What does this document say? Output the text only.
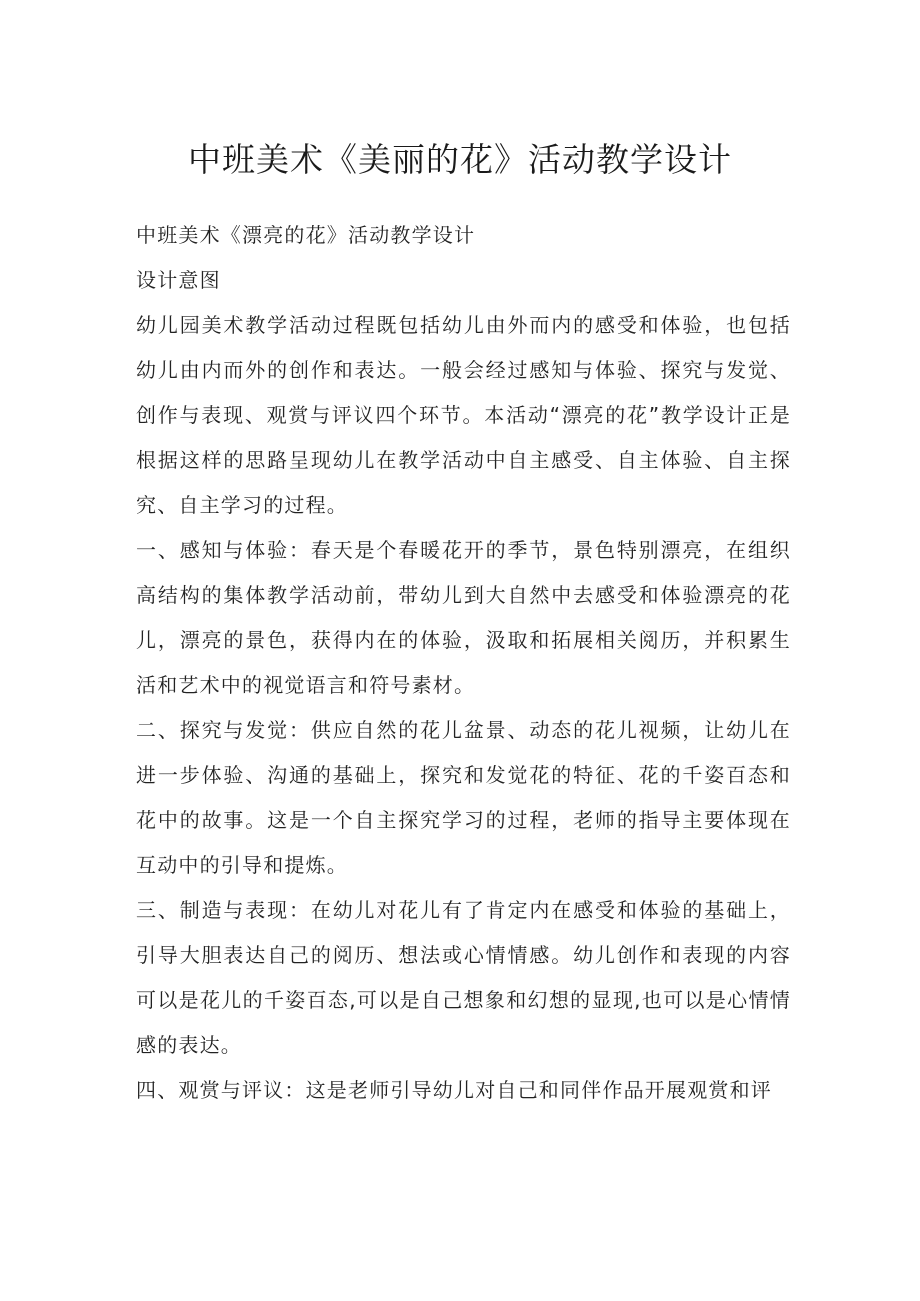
中班美术《美丽的花》活动教学设计

中班美术《漂亮的花》活动教学设计

设计意图

幼儿园美术教学活动过程既包括幼儿由外而内的感受和体验，也包括幼儿由内而外的创作和表达。一般会经过感知与体验、探究与发觉、创作与表现、观赏与评议四个环节。本活动“漂亮的花”教学设计正是根据这样的思路呈现幼儿在教学活动中自主感受、自主体验、自主探究、自主学习的过程。

一、感知与体验：春天是个春暖花开的季节，景色特别漂亮，在组织高结构的集体教学活动前，带幼儿到大自然中去感受和体验漂亮的花儿，漂亮的景色，获得内在的体验，汲取和拓展相关阅历，并积累生活和艺术中的视觉语言和符号素材。

二、探究与发觉：供应自然的花儿盆景、动态的花儿视频，让幼儿在进一步体验、沟通的基础上，探究和发觉花的特征、花的千姿百态和花中的故事。这是一个自主探究学习的过程，老师的指导主要体现在互动中的引导和提炼。

三、制造与表现：在幼儿对花儿有了肯定内在感受和体验的基础上，引导大胆表达自己的阅历、想法或心情情感。幼儿创作和表现的内容可以是花儿的千姿百态,可以是自己想象和幻想的显现,也可以是心情情感的表达。

四、观赏与评议：这是老师引导幼儿对自己和同伴作品开展观赏和评
